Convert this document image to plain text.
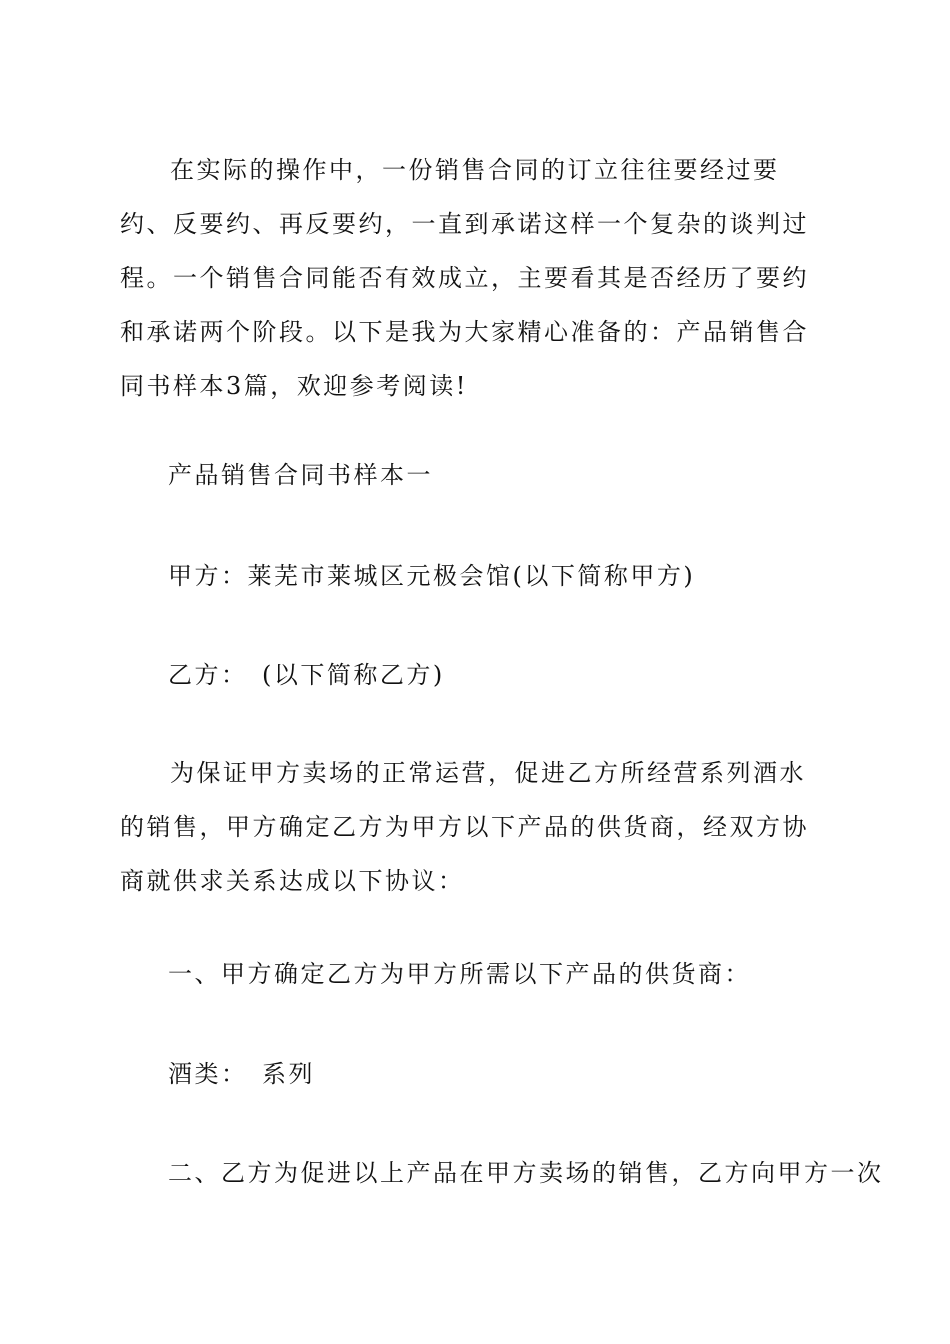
在实际的操作中，一份销售合同的订立往往要经过要约、反要约、再反要约，一直到承诺这样一个复杂的谈判过程。一个销售合同能否有效成立，主要看其是否经历了要约和承诺两个阶段。以下是我为大家精心准备的：产品销售合同书样本3篇，欢迎参考阅读!

产品销售合同书样本一

甲方：莱芜市莱城区元极会馆(以下简称甲方)

乙方：　(以下简称乙方)

为保证甲方卖场的正常运营，促进乙方所经营系列酒水的销售，甲方确定乙方为甲方以下产品的供货商，经双方协商就供求关系达成以下协议：

一、甲方确定乙方为甲方所需以下产品的供货商：

酒类：　系列

二、乙方为促进以上产品在甲方卖场的销售，乙方向甲方一次
